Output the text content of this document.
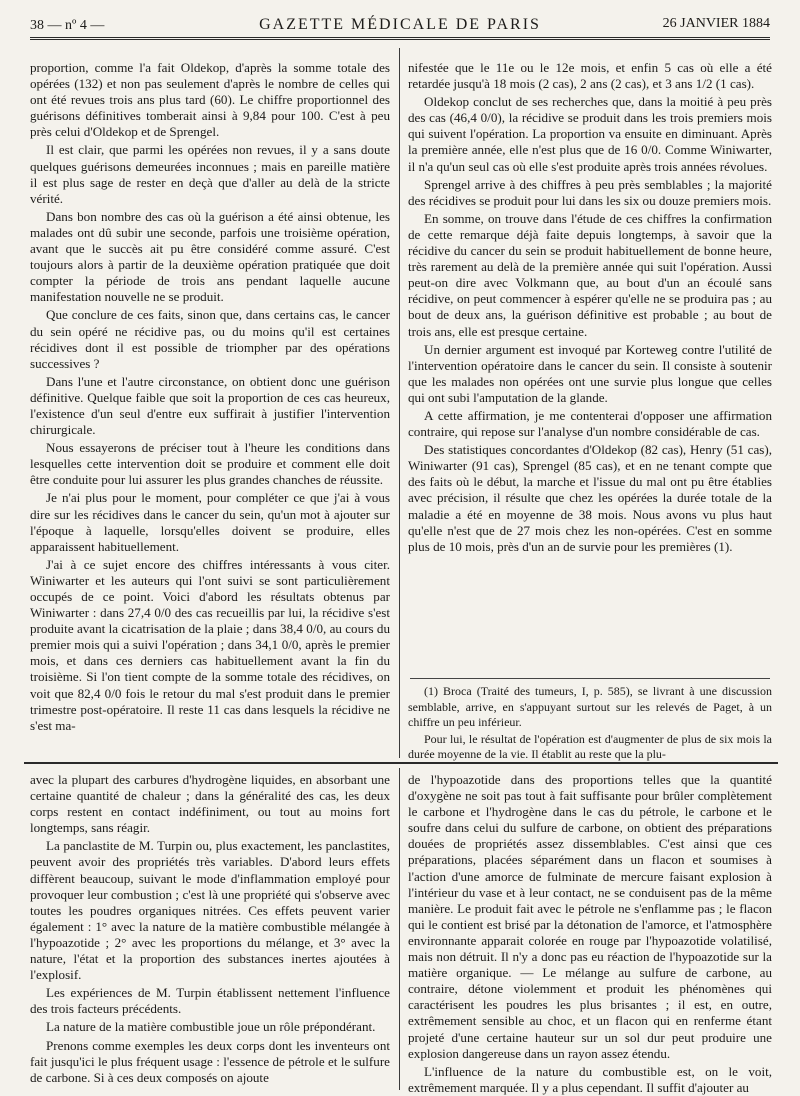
38 — nº 4 —	GAZETTE MÉDICALE DE PARIS	26 JANVIER 1884

proportion, comme l'a fait Oldekop, d'après la somme totale des opérées (132) et non pas seulement d'après le nombre de celles qui ont été revues trois ans plus tard (60). Le chiffre proportionnel des guérisons définitives tomberait ainsi à 9,84 pour 100. C'est à peu près celui d'Oldekop et de Sprengel.

Il est clair, que parmi les opérées non revues, il y a sans doute quelques guérisons demeurées inconnues ; mais en pareille matière il est plus sage de rester en deçà que d'aller au delà de la stricte vérité.

Dans bon nombre des cas où la guérison a été ainsi obtenue, les malades ont dû subir une seconde, parfois une troisième opération, avant que le succès ait pu être considéré comme assuré. C'est toujours alors à partir de la deuxième opération pratiquée que doit compter la période de trois ans pendant laquelle aucune manifestation nouvelle ne se produit.

Que conclure de ces faits, sinon que, dans certains cas, le cancer du sein opéré ne récidive pas, ou du moins qu'il est certaines récidives dont il est possible de triompher par des opérations successives ?

Dans l'une et l'autre circonstance, on obtient donc une guérison définitive. Quelque faible que soit la proportion de ces cas heureux, l'existence d'un seul d'entre eux suffirait à justifier l'intervention chirurgicale.

Nous essayerons de préciser tout à l'heure les conditions dans lesquelles cette intervention doit se produire et comment elle doit être conduite pour lui assurer les plus grandes chanches de réussite.

Je n'ai plus pour le moment, pour compléter ce que j'ai à vous dire sur les récidives dans le cancer du sein, qu'un mot à ajouter sur l'époque à laquelle, lorsqu'elles doivent se produire, elles apparaissent habituellement.

J'ai à ce sujet encore des chiffres intéressants à vous citer. Winiwarter et les auteurs qui l'ont suivi se sont particulièrement occupés de ce point. Voici d'abord les résultats obtenus par Winiwarter : dans 27,4 0/0 des cas recueillis par lui, la récidive s'est produite avant la cicatrisation de la plaie ; dans 38,4 0/0, au cours du premier mois qui a suivi l'opération ; dans 34,1 0/0, après le premier mois, et dans ces derniers cas habituellement avant la fin du troisième. Si l'on tient compte de la somme totale des récidives, on voit que 82,4 0/0 fois le retour du mal s'est produit dans le premier trimestre post-opératoire. Il reste 11 cas dans lesquels la récidive ne s'est ma-

nifestée que le 11e ou le 12e mois, et enfin 5 cas où elle a été retardée jusqu'à 18 mois (2 cas), 2 ans (2 cas), et 3 ans 1/2 (1 cas).

Oldekop conclut de ses recherches que, dans la moitié à peu près des cas (46,4 0/0), la récidive se produit dans les trois premiers mois qui suivent l'opération. La proportion va ensuite en diminuant. Après la première année, elle n'est plus que de 16 0/0. Comme Winiwarter, il n'a qu'un seul cas où elle s'est produite après trois années révolues.

Sprengel arrive à des chiffres à peu près semblables ; la majorité des récidives se produit pour lui dans les six ou douze premiers mois.

En somme, on trouve dans l'étude de ces chiffres la confirmation de cette remarque déjà faite depuis longtemps, à savoir que la récidive du cancer du sein se produit habituellement de bonne heure, très rarement au delà de la première année qui suit l'opération. Aussi peut-on dire avec Volkmann que, au bout d'un an écoulé sans récidive, on peut commencer à espérer qu'elle ne se produira pas ; au bout de deux ans, la guérison définitive est probable ; au bout de trois ans, elle est presque certaine.

Un dernier argument est invoqué par Korteweg contre l'utilité de l'intervention opératoire dans le cancer du sein. Il consiste à soutenir que les malades non opérées ont une survie plus longue que celles qui ont subi l'amputation de la glande.

A cette affirmation, je me contenterai d'opposer une affirmation contraire, qui repose sur l'analyse d'un nombre considérable de cas.

Des statistiques concordantes d'Oldekop (82 cas), Henry (51 cas), Winiwarter (91 cas), Sprengel (85 cas), et en ne tenant compte que des faits où le début, la marche et l'issue du mal ont pu être établies avec précision, il résulte que chez les opérées la durée totale de la maladie a été en moyenne de 38 mois. Nous avons vu plus haut qu'elle n'est que de 27 mois chez les non-opérées. C'est en somme plus de 10 mois, près d'un an de survie pour les premières (1).

(1) Broca (Traité des tumeurs, I, p. 585), se livrant à une discussion semblable, arrive, en s'appuyant surtout sur les relevés de Paget, à un chiffre un peu inférieur.

Pour lui, le résultat de l'opération est d'augmenter de plus de six mois la durée moyenne de la vie. Il établit au reste que la plu-

avec la plupart des carbures d'hydrogène liquides, en absorbant une certaine quantité de chaleur ; dans la généralité des cas, les deux corps restent en contact indéfiniment, ou tout au moins fort longtemps, sans réagir.

La panclastite de M. Turpin ou, plus exactement, les panclastites, peuvent avoir des propriétés très variables. D'abord leurs effets diffèrent beaucoup, suivant le mode d'inflammation employé pour provoquer leur combustion ; c'est là une propriété qui s'observe avec toutes les poudres organiques nitrées. Ces effets peuvent varier également : 1° avec la nature de la matière combustible mélangée à l'hypoazotide ; 2° avec les proportions du mélange, et 3° avec la nature, l'état et la proportion des substances inertes ajoutées à l'explosif.

Les expériences de M. Turpin établissent nettement l'influence des trois facteurs précédents.

La nature de la matière combustible joue un rôle prépondérant.

Prenons comme exemples les deux corps dont les inventeurs ont fait jusqu'ici le plus fréquent usage : l'essence de pétrole et le sulfure de carbone. Si à ces deux composés on ajoute

de l'hypoazotide dans des proportions telles que la quantité d'oxygène ne soit pas tout à fait suffisante pour brûler complètement le carbone et l'hydrogène dans le cas du pétrole, le carbone et le soufre dans celui du sulfure de carbone, on obtient des préparations douées de propriétés assez dissemblables. C'est ainsi que ces préparations, placées séparément dans un flacon et soumises à l'action d'une amorce de fulminate de mercure faisant explosion à l'intérieur du vase et à leur contact, ne se conduisent pas de la même manière. Le produit fait avec le pétrole ne s'enflamme pas ; le flacon qui le contient est brisé par la détonation de l'amorce, et l'atmosphère environnante apparait colorée en rouge par l'hypoazotide volatilisé, mais non détruit. Il n'y a donc pas eu réaction de l'hypoazotide sur la matière organique. — Le mélange au sulfure de carbone, au contraire, détone violemment et produit les phénomènes qui caractérisent les poudres les plus brisantes ; il est, en outre, extrêmement sensible au choc, et un flacon qui en renferme étant projeté d'une certaine hauteur sur un sol dur peut produire une explosion dangereuse dans un rayon assez étendu.

L'influence de la nature du combustible est, on le voit, extrêmement marquée. Il y a plus cependant. Il suffit d'ajouter au
